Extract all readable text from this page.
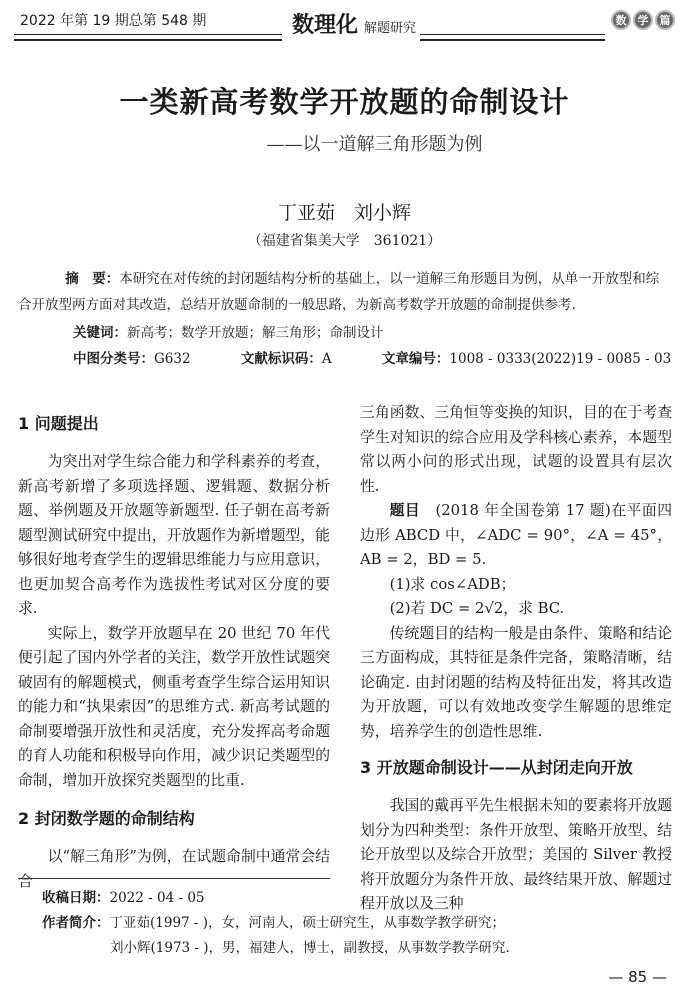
2022 年第 19 期总第 548 期	数理化 解题研究
数	学	篇
一类新高考数学开放题的命制设计
——以一道解三角形题为例
丁亚茹　刘小辉
（福建省集美大学　361021）
摘　要：本研究在对传统的封闭题结构分析的基础上，以一道解三角形题目为例，从单一开放型和综合开放型两方面对其改造，总结开放题命制的一般思路，为新高考数学开放题的命制提供参考.
关键词：新高考；数学开放题；解三角形；命制设计
中图分类号：G632	文献标识码：A	文章编号：1008 - 0333(2022)19 - 0085 - 03
1 问题提出

为突出对学生综合能力和学科素养的考查，新高考新增了多项选择题、逻辑题、数据分析题、举例题及开放题等新题型. 任子朝在高考新题型测试研究中提出，开放题作为新增题型，能够很好地考查学生的逻辑思维能力与应用意识，也更加契合高考作为选拔性考试对区分度的要求.

实际上，数学开放题早在 20 世纪 70 年代便引起了国内外学者的关注，数学开放性试题突破固有的解题模式，侧重考查学生综合运用知识的能力和“执果索因”的思维方式. 新高考试题的命制要增强开放性和灵活度，充分发挥高考命题的育人功能和积极导向作用，减少识记类题型的命制，增加开放探究类题型的比重.

2 封闭数学题的命制结构

以“解三角形”为例，在试题命制中通常会结合

三角函数、三角恒等变换的知识，目的在于考查学生对知识的综合应用及学科核心素养，本题型常以两小问的形式出现，试题的设置具有层次性.

题目　(2018 年全国卷第 17 题)在平面四边形 ABCD 中，∠ADC = 90°，∠A = 45°，AB = 2，BD = 5.

(1)求 cos∠ADB；

(2)若 DC = 2√2，求 BC.

传统题目的结构一般是由条件、策略和结论三方面构成，其特征是条件完备，策略清晰，结论确定. 由封闭题的结构及特征出发，将其改造为开放题，可以有效地改变学生解题的思维定势，培养学生的创造性思维.

3 开放题命制设计——从封闭走向开放

我国的戴再平先生根据未知的要素将开放题划分为四种类型：条件开放型、策略开放型、结论开放型以及综合开放型；美国的 Silver 教授将开放题分为条件开放、最终结果开放、解题过程开放以及三种

收稿日期：2022 - 04 - 05
作者简介：丁亚茹(1997 - )，女，河南人，硕士研究生，从事数学教学研究；
刘小辉(1973 - )，男，福建人，博士，副教授，从事数学教学研究.
— 85 —
